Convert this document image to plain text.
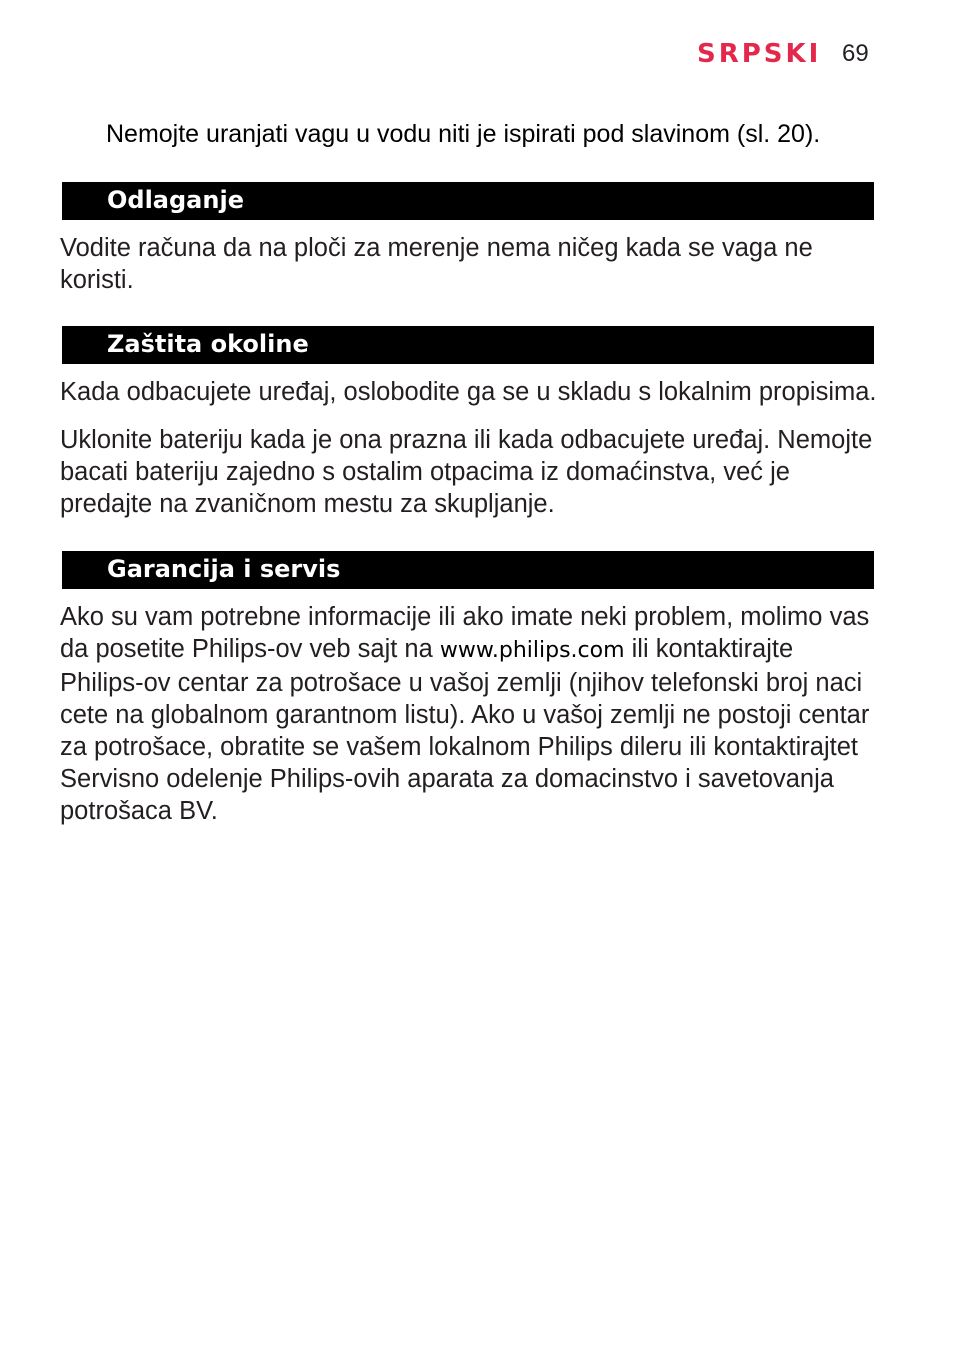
SRPSKI 69
Nemojte uranjati vagu u vodu niti je ispirati pod slavinom (sl. 20).
Odlaganje

Vodite računa da na ploči za merenje nema ničeg kada se vaga ne koristi.

Zaštita okoline

Kada odbacujete uređaj, oslobodite ga se u skladu s lokalnim propisima.

Uklonite bateriju kada je ona prazna ili kada odbacujete uređaj. Nemojte bacati bateriju zajedno s ostalim otpacima iz domaćinstva, već je predajte na zvaničnom mestu za skupljanje.

Garancija i servis

Ako su vam potrebne informacije ili ako imate neki problem, molimo vas da posetite Philips-ov veb sajt na www.philips.com ili kontaktirajte Philips-ov centar za potrošace u vašoj zemlji (njihov telefonski broj naci cete na globalnom garantnom listu). Ako u vašoj zemlji ne postoji centar za potrošace, obratite se vašem lokalnom Philips dileru ili kontaktirajtet Servisno odelenje Philips-ovih aparata za domacinstvo i savetovanja potrošaca BV.
